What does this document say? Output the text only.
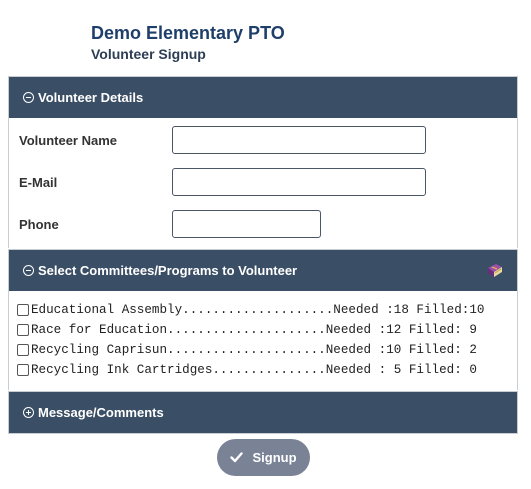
Demo Elementary PTO
Volunteer Signup
Volunteer Details
Volunteer Name
E-Mail
Phone
Select Committees/Programs to Volunteer
Educational Assembly....................Needed :18 Filled:10
Race for Education.....................Needed :12 Filled: 9
Recycling Caprisun.....................Needed :10 Filled: 2
Recycling Ink Cartridges...............Needed : 5 Filled: 0
Message/Comments
Signup
